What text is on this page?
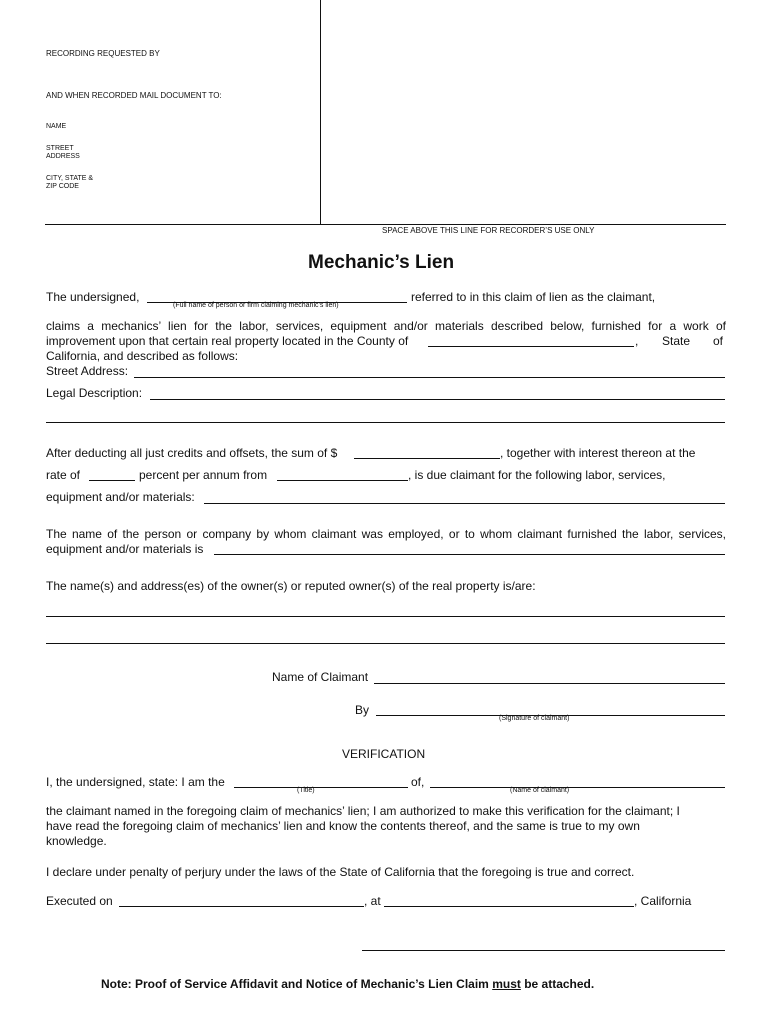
RECORDING REQUESTED BY
AND WHEN RECORDED MAIL DOCUMENT TO:
NAME
STREET
ADDRESS
CITY, STATE &
ZIP CODE
SPACE ABOVE THIS LINE FOR RECORDER’S USE ONLY
Mechanic’s Lien
The undersigned,
(Full name of person or firm claiming mechanic’s lien)
referred to in this claim of lien as the claimant,
claims a mechanics’ lien for the labor, services, equipment and/or materials described below, furnished for a work of
improvement upon that certain real property located in the County of	, State of
California, and described as follows:
Street Address:
Legal Description:
After deducting all just credits and offsets, the sum of $	, together with interest thereon at the
rate of	percent per annum from	, is due claimant for the following labor, services,
equipment and/or materials:
The name of the person or company by whom claimant was employed, or to whom claimant furnished the labor, services,
equipment and/or materials is
The name(s) and address(es) of the owner(s) or reputed owner(s) of the real property is/are:
Name of Claimant
By
(Signature of claimant)
VERIFICATION
I, the undersigned, state: I am the
(Title)
of,
(Name of claimant)
the claimant named in the foregoing claim of mechanics’ lien; I am authorized to make this verification for the claimant; I
have read the foregoing claim of mechanics’ lien and know the contents thereof, and the same is true to my own
knowledge.
I declare under penalty of perjury under the laws of the State of California that the foregoing is true and correct.
Executed on	, at	, California
Note: Proof of Service Affidavit and Notice of Mechanic’s Lien Claim must be attached.
